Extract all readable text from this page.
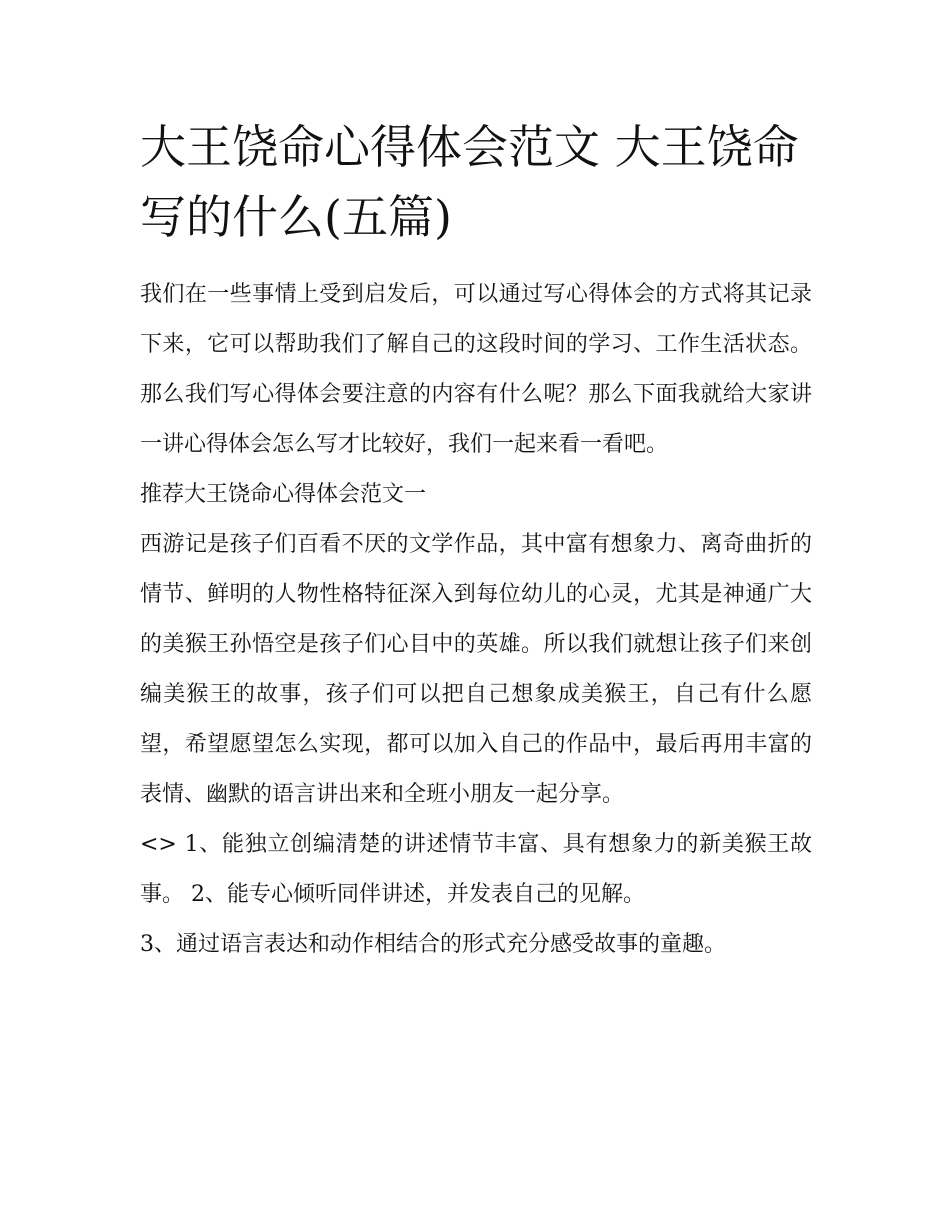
大王饶命心得体会范文 大王饶命写的什么(五篇)

我们在一些事情上受到启发后，可以通过写心得体会的方式将其记录下来，它可以帮助我们了解自己的这段时间的学习、工作生活状态。那么我们写心得体会要注意的内容有什么呢？那么下面我就给大家讲一讲心得体会怎么写才比较好，我们一起来看一看吧。

推荐大王饶命心得体会范文一

西游记是孩子们百看不厌的文学作品，其中富有想象力、离奇曲折的情节、鲜明的人物性格特征深入到每位幼儿的心灵，尤其是神通广大的美猴王孙悟空是孩子们心目中的英雄。所以我们就想让孩子们来创编美猴王的故事，孩子们可以把自己想象成美猴王，自己有什么愿望，希望愿望怎么实现，都可以加入自己的作品中，最后再用丰富的表情、幽默的语言讲出来和全班小朋友一起分享。

<> 1、能独立创编清楚的讲述情节丰富、具有想象力的新美猴王故事。 2、能专心倾听同伴讲述，并发表自己的见解。

3、通过语言表达和动作相结合的形式充分感受故事的童趣。
